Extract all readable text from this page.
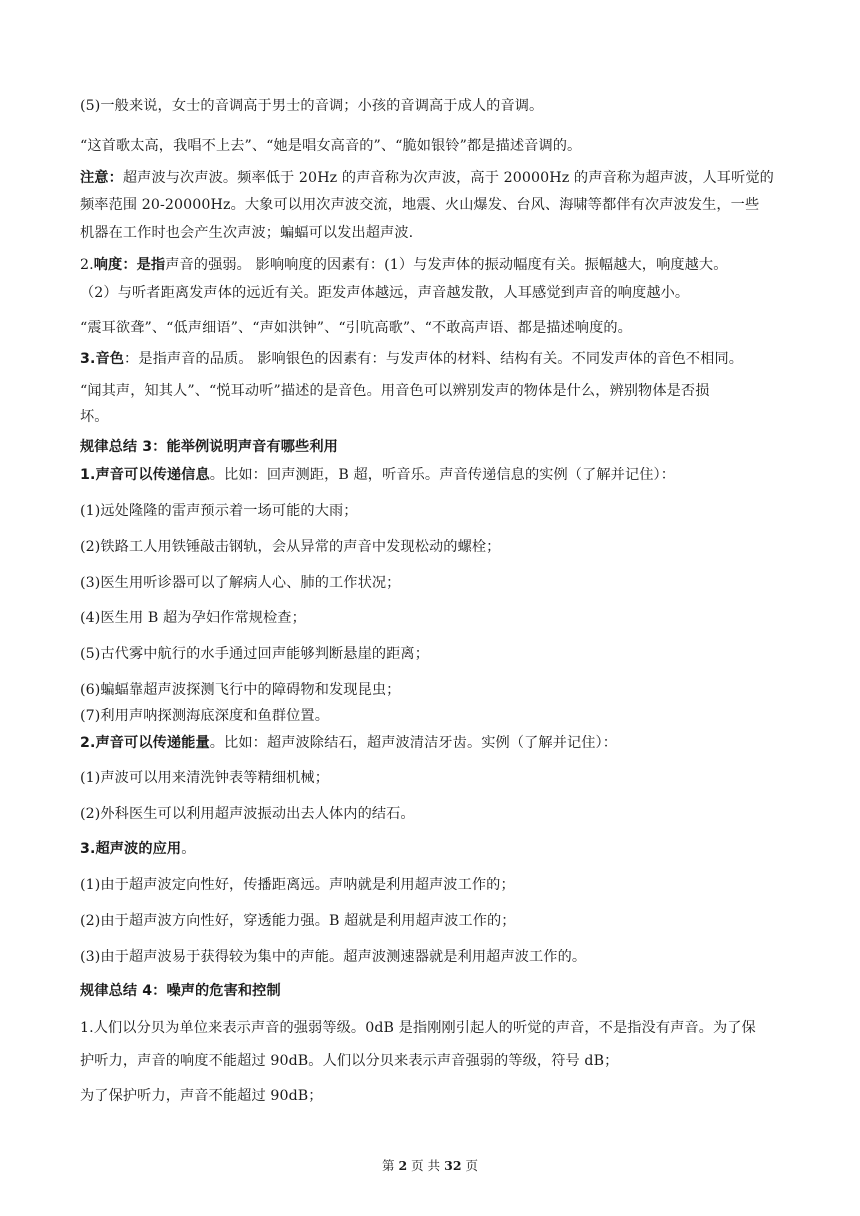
(5)一般来说，女士的音调高于男士的音调；小孩的音调高于成人的音调。
“这首歌太高，我唱不上去”、“她是唱女高音的”、“脆如银铃”都是描述音调的。
注意：超声波与次声波。频率低于 20Hz 的声音称为次声波，高于 20000Hz 的声音称为超声波，人耳听觉的
频率范围 20-20000Hz。大象可以用次声波交流，地震、火山爆发、台风、海啸等都伴有次声波发生，一些
机器在工作时也会产生次声波；蝙蝠可以发出超声波.
2.响度：是指声音的强弱。 影响响度的因素有：(1）与发声体的振动幅度有关。振幅越大，响度越大。
（2）与听者距离发声体的远近有关。距发声体越远，声音越发散，人耳感觉到声音的响度越小。
“震耳欲聋”、“低声细语”、“声如洪钟”、“引吭高歌”、“不敢高声语、都是描述响度的。
3.音色：是指声音的品质。 影响银色的因素有：与发声体的材料、结构有关。不同发声体的音色不相同。
“闻其声，知其人”、“悦耳动听”描述的是音色。用音色可以辨别发声的物体是什么，辨别物体是否损
坏。
规律总结 3：能举例说明声音有哪些利用
1.声音可以传递信息。比如：回声测距，B 超，听音乐。声音传递信息的实例（了解并记住）：
(1)远处隆隆的雷声预示着一场可能的大雨；
(2)铁路工人用铁锤敲击钢轨，会从异常的声音中发现松动的螺栓；
(3)医生用听诊器可以了解病人心、肺的工作状况；
(4)医生用 B 超为孕妇作常规检查；
(5)古代雾中航行的水手通过回声能够判断悬崖的距离；
(6)蝙蝠靠超声波探测飞行中的障碍物和发现昆虫；
(7)利用声呐探测海底深度和鱼群位置。
2.声音可以传递能量。比如：超声波除结石，超声波清洁牙齿。实例（了解并记住）：
(1)声波可以用来清洗钟表等精细机械；
(2)外科医生可以利用超声波振动出去人体内的结石。
3.超声波的应用。
(1)由于超声波定向性好，传播距离远。声呐就是利用超声波工作的；
(2)由于超声波方向性好，穿透能力强。B 超就是利用超声波工作的；
(3)由于超声波易于获得较为集中的声能。超声波测速器就是利用超声波工作的。
规律总结 4：噪声的危害和控制
1.人们以分贝为单位来表示声音的强弱等级。0dB 是指刚刚引起人的听觉的声音，不是指没有声音。为了保
护听力，声音的响度不能超过 90dB。人们以分贝来表示声音强弱的等级，符号 dB；
为了保护听力，声音不能超过 90dB；
第 2 页 共 32 页
